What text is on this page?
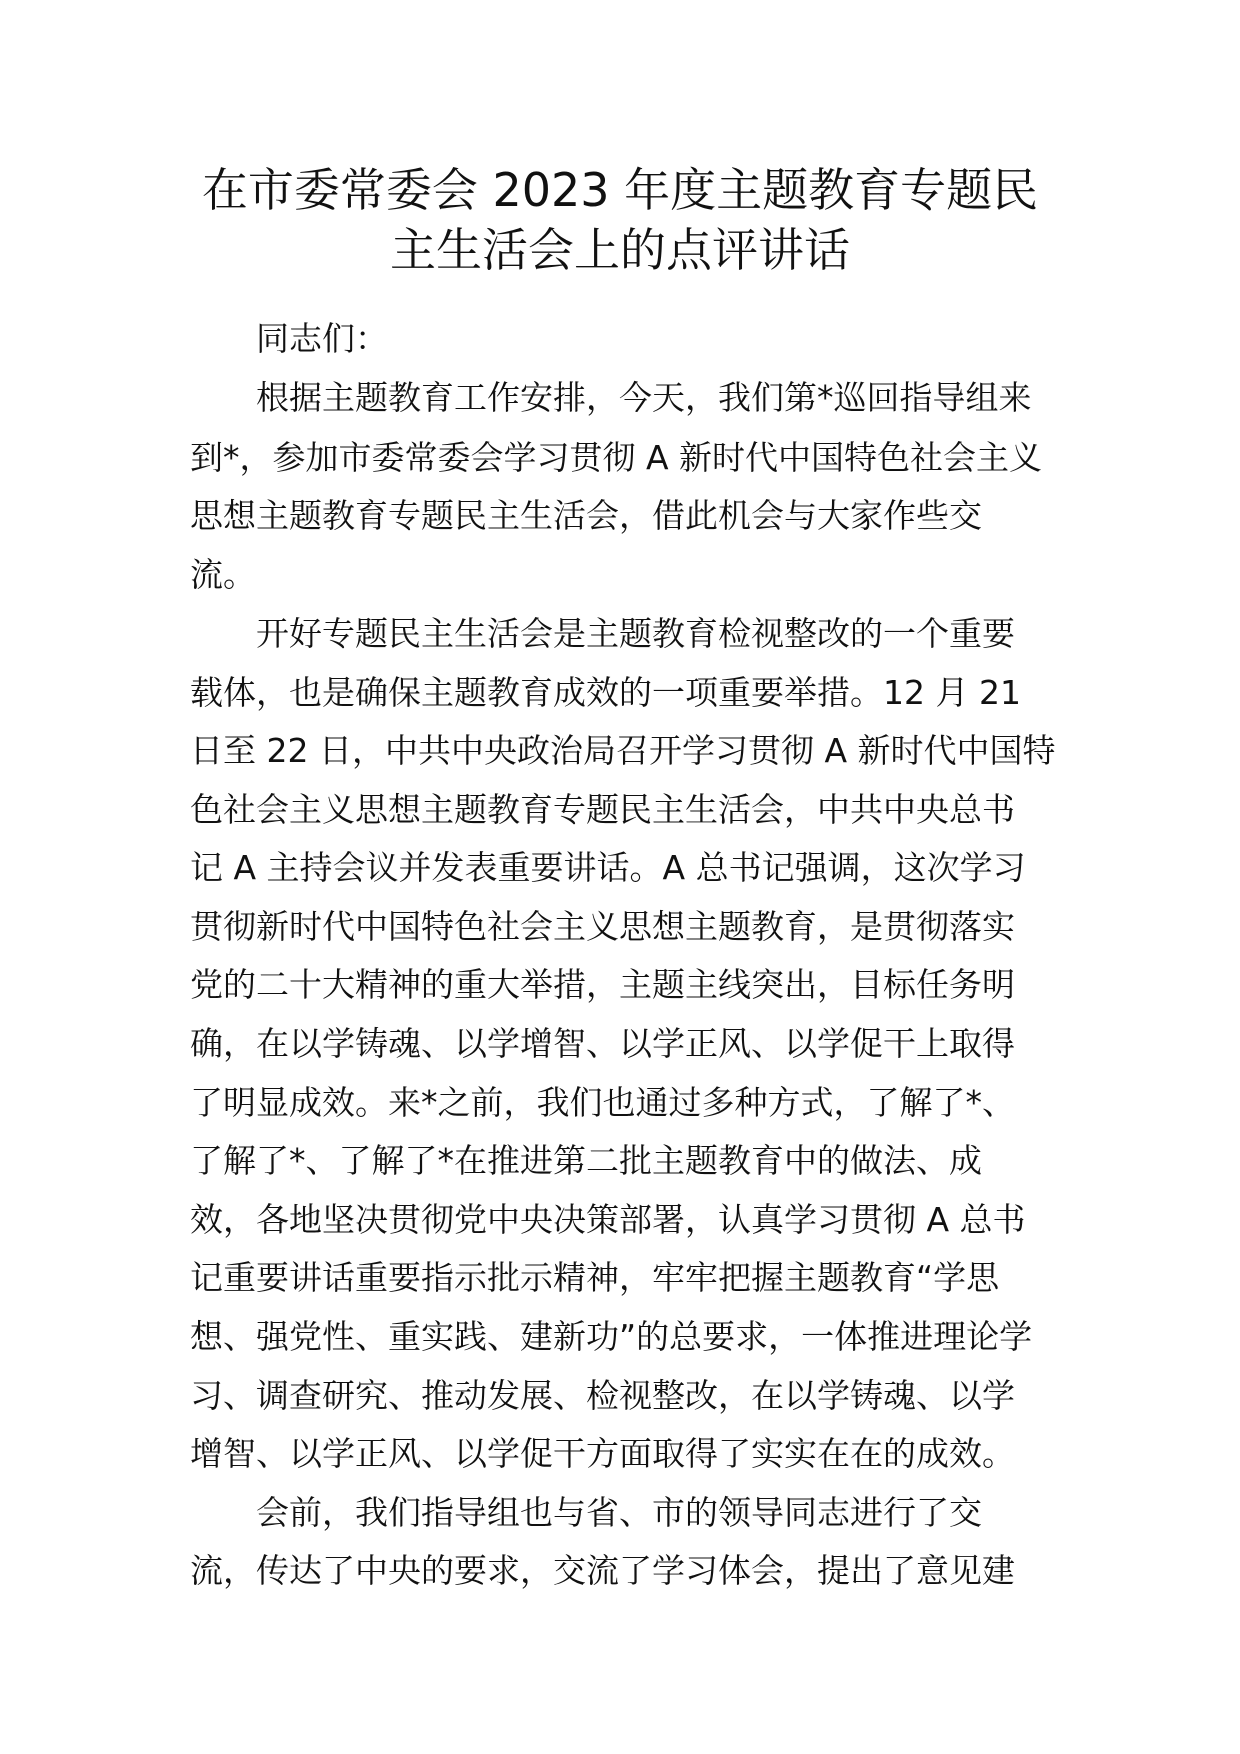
在市委常委会 2023 年度主题教育专题民
主生活会上的点评讲话
同志们：
根据主题教育工作安排，今天，我们第*巡回指导组来
到*，参加市委常委会学习贯彻 A 新时代中国特色社会主义
思想主题教育专题民主生活会，借此机会与大家作些交
流。
开好专题民主生活会是主题教育检视整改的一个重要
载体，也是确保主题教育成效的一项重要举措。12 月 21
日至 22 日，中共中央政治局召开学习贯彻 A 新时代中国特
色社会主义思想主题教育专题民主生活会，中共中央总书
记 A 主持会议并发表重要讲话。A 总书记强调，这次学习
贯彻新时代中国特色社会主义思想主题教育，是贯彻落实
党的二十大精神的重大举措，主题主线突出，目标任务明
确，在以学铸魂、以学增智、以学正风、以学促干上取得
了明显成效。来*之前，我们也通过多种方式，了解了*、
了解了*、了解了*在推进第二批主题教育中的做法、成
效，各地坚决贯彻党中央决策部署，认真学习贯彻 A 总书
记重要讲话重要指示批示精神，牢牢把握主题教育“学思
想、强党性、重实践、建新功”的总要求，一体推进理论学
习、调查研究、推动发展、检视整改，在以学铸魂、以学
增智、以学正风、以学促干方面取得了实实在在的成效。
会前，我们指导组也与省、市的领导同志进行了交
流，传达了中央的要求，交流了学习体会，提出了意见建
